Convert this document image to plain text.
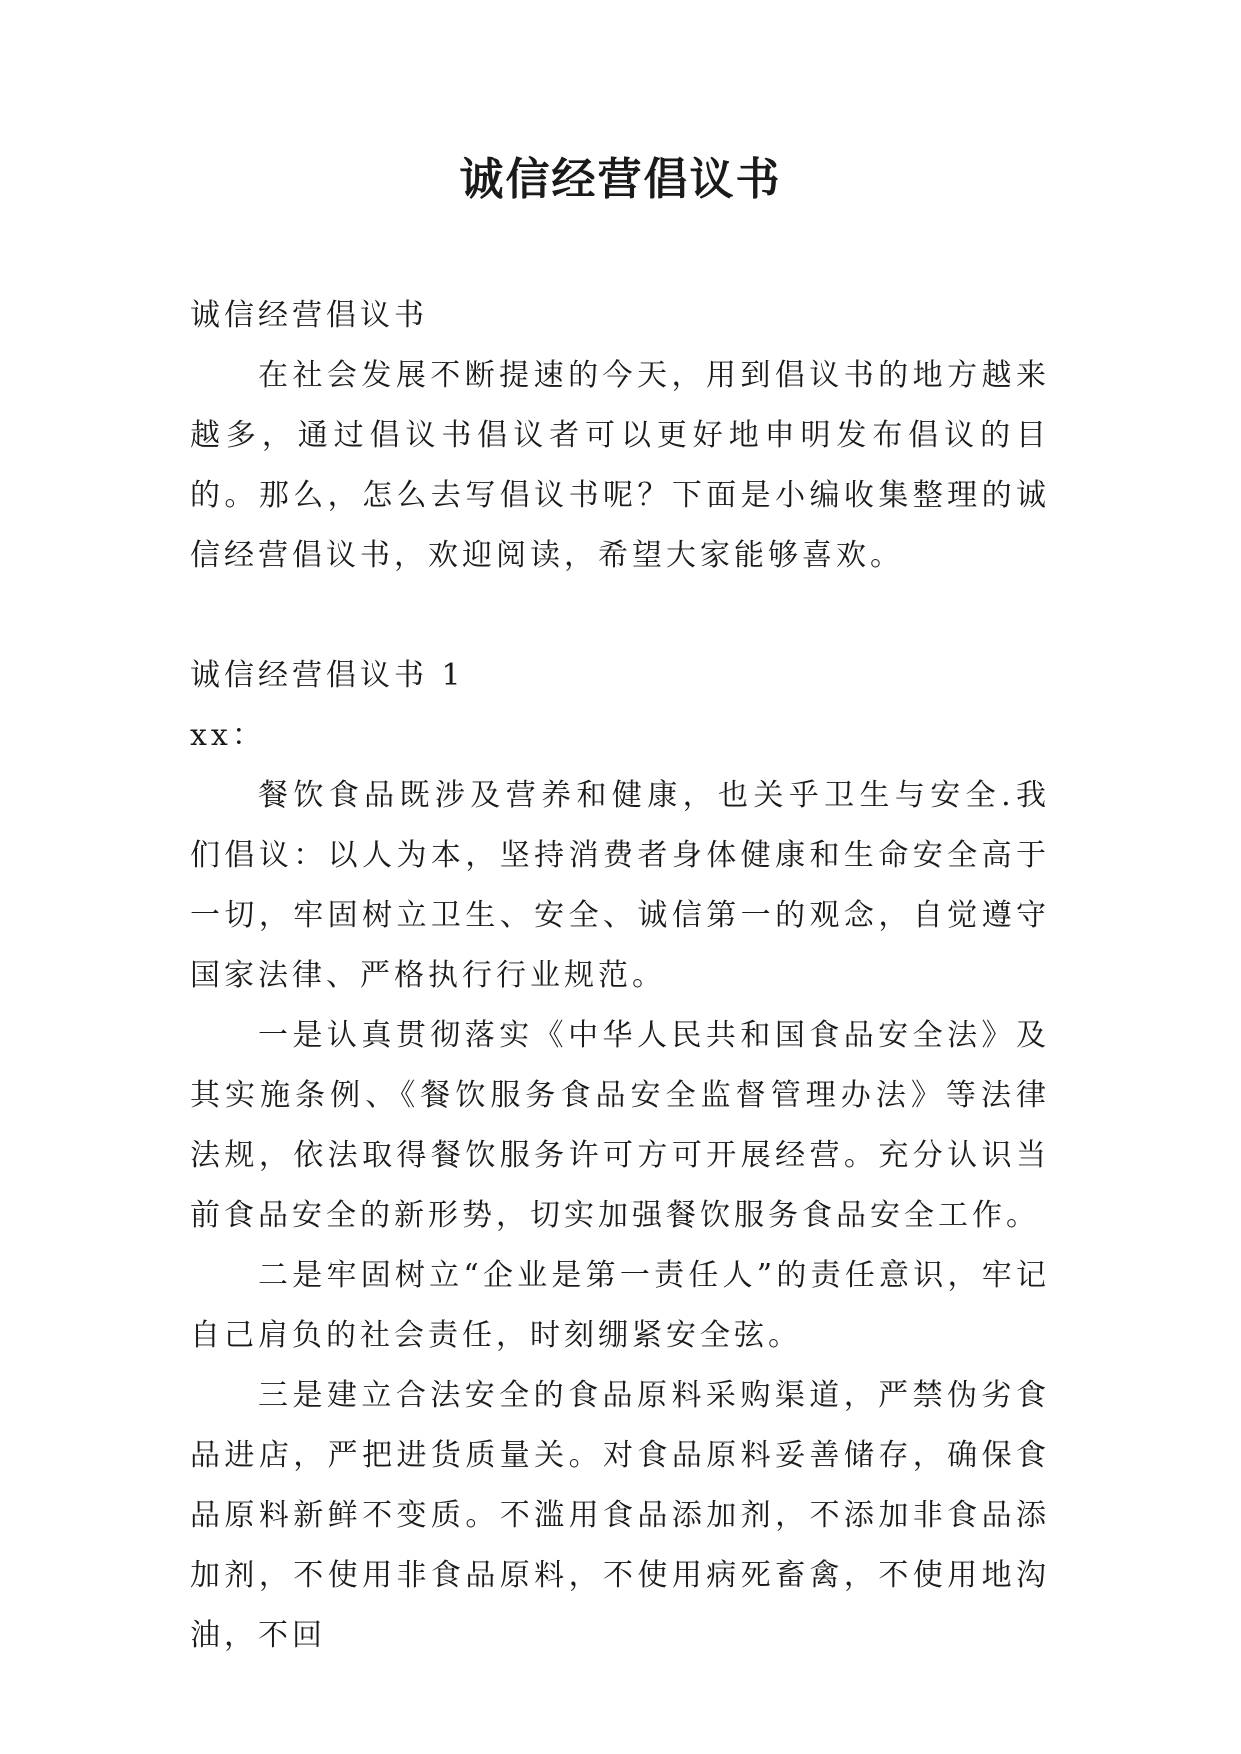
诚信经营倡议书

诚信经营倡议书

在社会发展不断提速的今天，用到倡议书的地方越来越多，通过倡议书倡议者可以更好地申明发布倡议的目的。那么，怎么去写倡议书呢？下面是小编收集整理的诚信经营倡议书，欢迎阅读，希望大家能够喜欢。

诚信经营倡议书 1

xx：

餐饮食品既涉及营养和健康，也关乎卫生与安全.我们倡议：以人为本，坚持消费者身体健康和生命安全高于一切，牢固树立卫生、安全、诚信第一的观念，自觉遵守国家法律、严格执行行业规范。

一是认真贯彻落实《中华人民共和国食品安全法》及其实施条例、《餐饮服务食品安全监督管理办法》等法律法规，依法取得餐饮服务许可方可开展经营。充分认识当前食品安全的新形势，切实加强餐饮服务食品安全工作。

二是牢固树立“企业是第一责任人”的责任意识，牢记自己肩负的社会责任，时刻绷紧安全弦。

三是建立合法安全的食品原料采购渠道，严禁伪劣食品进店，严把进货质量关。对食品原料妥善储存，确保食品原料新鲜不变质。不滥用食品添加剂，不添加非食品添加剂，不使用非食品原料，不使用病死畜禽，不使用地沟油，不回
